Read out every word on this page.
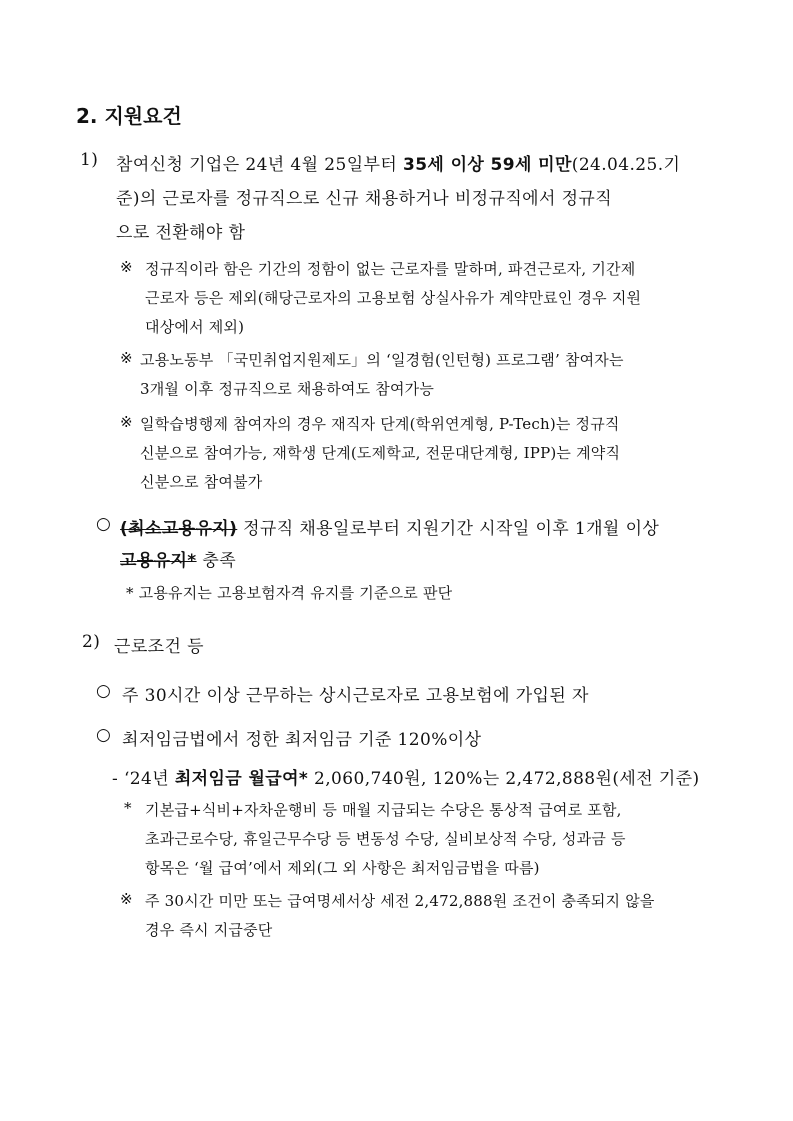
2. 지원요건
1) 참여신청 기업은 24년 4월 25일부터 35세 이상 59세 미만(24.04.25.기
준)의 근로자를 정규직으로 신규 채용하거나 비정규직에서 정규직
으로 전환해야 함
※ 정규직이라 함은 기간의 정함이 없는 근로자를 말하며, 파견근로자, 기간제
근로자 등은 제외(해당근로자의 고용보험 상실사유가 계약만료인 경우 지원
대상에서 제외)
※ 고용노동부 「국민취업지원제도」의 ‘일경험(인턴형) 프로그램’ 참여자는
3개월 이후 정규직으로 채용하여도 참여가능
※ 일학습병행제 참여자의 경우 재직자 단계(학위연계형, P-Tech)는 정규직
신분으로 참여가능, 재학생 단계(도제학교, 전문대단계형, IPP)는 계약직
신분으로 참여불가
○ (최소고용유지) 정규직 채용일로부터 지원기간 시작일 이후 1개월 이상
고용유지* 충족
* 고용유지는 고용보험자격 유지를 기준으로 판단
2) 근로조건 등
○ 주 30시간 이상 근무하는 상시근로자로 고용보험에 가입된 자
○ 최저임금법에서 정한 최저임금 기준 120%이상
- ‘24년 최저임금 월급여* 2,060,740원, 120%는 2,472,888원(세전 기준)
* 기본급+식비+자차운행비 등 매월 지급되는 수당은 통상적 급여로 포함,
초과근로수당, 휴일근무수당 등 변동성 수당, 실비보상적 수당, 성과금 등
항목은 ‘월 급여’에서 제외(그 외 사항은 최저임금법을 따름)
※ 주 30시간 미만 또는 급여명세서상 세전 2,472,888원 조건이 충족되지 않을
경우 즉시 지급중단
